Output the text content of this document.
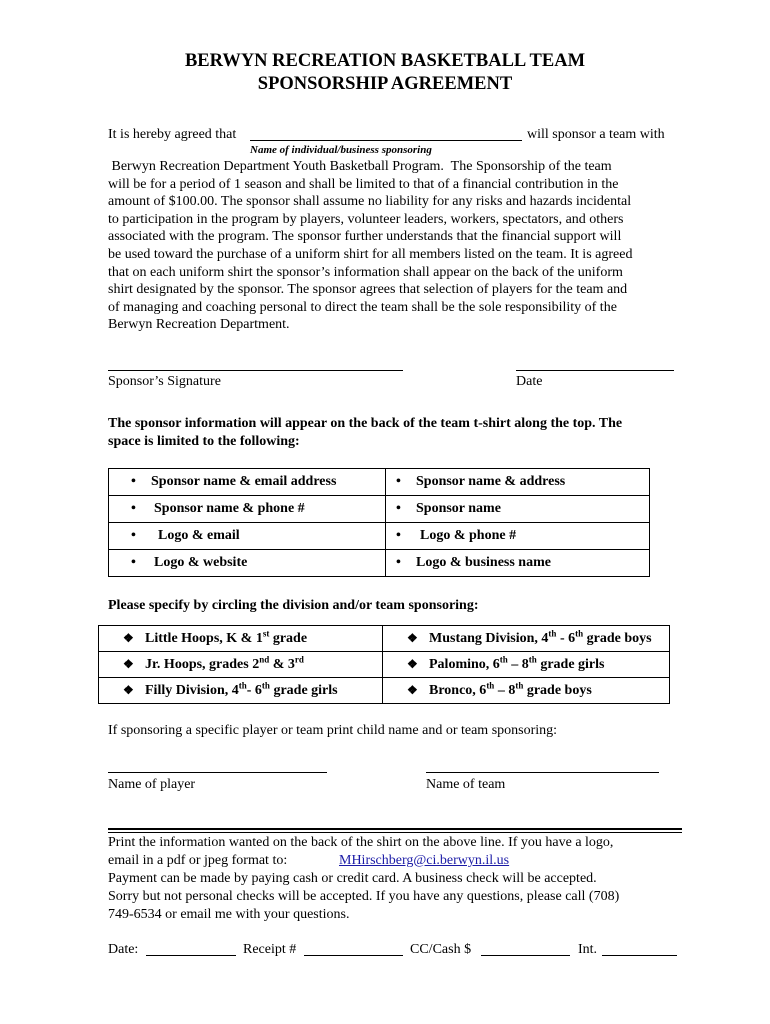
BERWYN RECREATION BASKETBALL TEAM
SPONSORSHIP AGREEMENT
It is hereby agreed that	will sponsor a team with
Name of individual/business sponsoring
Berwyn Recreation Department Youth Basketball Program.  The Sponsorship of the team
will be for a period of 1 season and shall be limited to that of a financial contribution in the
amount of $100.00. The sponsor shall assume no liability for any risks and hazards incidental
to participation in the program by players, volunteer leaders, workers, spectators, and others
associated with the program. The sponsor further understands that the financial support will
be used toward the purchase of a uniform shirt for all members listed on the team. It is agreed
that on each uniform shirt the sponsor’s information shall appear on the back of the uniform
shirt designated by the sponsor. The sponsor agrees that selection of players for the team and
of managing and coaching personal to direct the team shall be the sole responsibility of the
Berwyn Recreation Department.
Sponsor’s Signature	Date
The sponsor information will appear on the back of the team t-shirt along the top. The
space is limited to the following:
• Sponsor name & email address	• Sponsor name & address
• Sponsor name & phone #	• Sponsor name
• Logo & email	• Logo & phone #
• Logo & website	• Logo & business name
Please specify by circling the division and/or team sponsoring:
❖ Little Hoops, K & 1st grade	❖ Mustang Division, 4th - 6th grade boys
❖ Jr. Hoops, grades 2nd & 3rd	❖ Palomino, 6th – 8th grade girls
❖ Filly Division, 4th- 6th grade girls	❖ Bronco, 6th – 8th grade boys
If sponsoring a specific player or team print child name and or team sponsoring:
Name of player	Name of team
Print the information wanted on the back of the shirt on the above line. If you have a logo,
email in a pdf or jpeg format to:	MHirschberg@ci.berwyn.il.us
Payment can be made by paying cash or credit card. A business check will be accepted.
Sorry but not personal checks will be accepted. If you have any questions, please call (708)
749-6534 or email me with your questions.
Date:	Receipt #	CC/Cash $	Int.
